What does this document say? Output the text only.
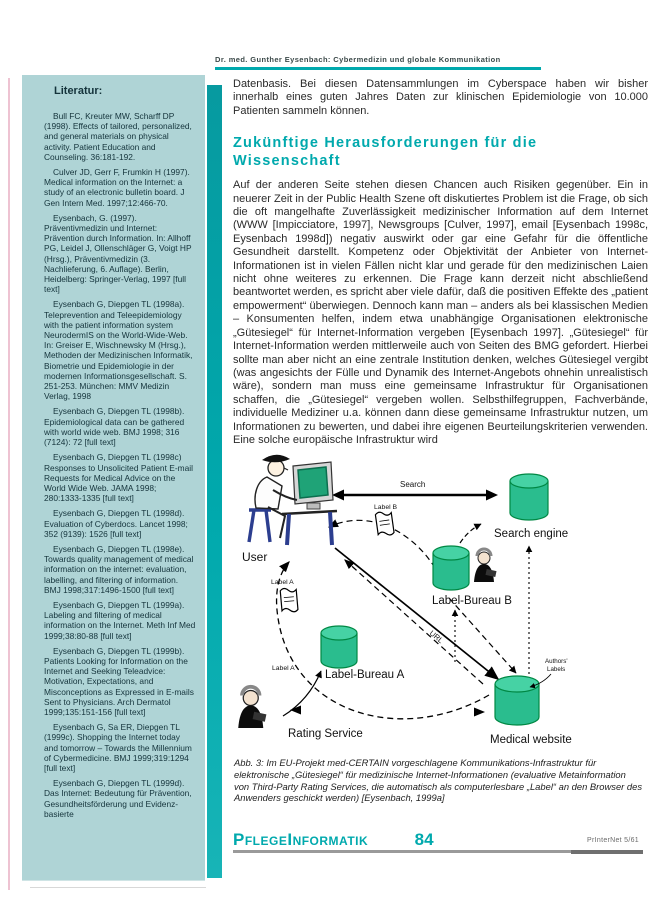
Dr. med. Gunther Eysenbach: Cybermedizin und globale Kommunikation

Literatur:

Bull FC, Kreuter MW, Scharff DP (1998). Effects of tailored, personalized, and general materials on physical activity. Patient Education and Counseling. 36:181-192.

Culver JD, Gerr F, Frumkin H (1997). Medical information on the Internet: a study of an electronic bulletin board. J Gen Intern Med. 1997;12:466-70.

Eysenbach, G. (1997). Präventivmedizin und Internet: Prävention durch Information. In: Allhoff PG, Leidel J, Ollenschläger G, Voigt HP (Hrsg.), Präventivmedizin (3. Nachlieferung, 6. Auflage). Berlin, Heidelberg: Springer-Verlag, 1997 [full text]

Eysenbach G, Diepgen TL (1998a). Teleprevention and Teleepidemiology with the patient information system NeurodermIS on the World-Wide-Web. In: Greiser E, Wischnewsky M (Hrsg.), Methoden der Medizinischen Informatik, Biometrie und Epidemiologie in der modernen Informationsgesellschaft. S. 251-253. München: MMV Medizin Verlag, 1998

Eysenbach G, Diepgen TL (1998b). Epidemiological data can be gathered with world wide web. BMJ 1998; 316 (7124): 72 [full text]

Eysenbach G, Diepgen TL (1998c) Responses to Unsolicited Patient E-mail Requests for Medical Advice on the World Wide Web. JAMA 1998; 280:1333-1335 [full text]

Eysenbach G, Diepgen TL (1998d). Evaluation of Cyberdocs. Lancet 1998; 352 (9139): 1526 [full text]

Eysenbach G, Diepgen TL (1998e). Towards quality management of medical information on the internet: evaluation, labelling, and filtering of information. BMJ 1998;317:1496-1500 [full text]

Eysenbach G, Diepgen TL (1999a). Labeling and filtering of medical information on the Internet. Meth Inf Med 1999;38:80-88 [full text]

Eysenbach G, Diepgen TL (1999b). Patients Looking for Information on the Internet and Seeking Teleadvice: Motivation, Expectations, and Misconceptions as Expressed in E-mails Sent to Physicians. Arch Dermatol 1999;135:151-156 [full text]

Eysenbach G, Sa ER, Diepgen TL (1999c). Shopping the Internet today and tomorrow – Towards the Millennium of Cybermedicine. BMJ 1999;319:1294 [full text]

Eysenbach G, Diepgen TL (1999d). Das Internet: Bedeutung für Prävention, Gesundheitsförderung und Evidenz-basierte

Datenbasis. Bei diesen Datensammlungen im Cyberspace haben wir bisher innerhalb eines guten Jahres Daten zur klinischen Epidemiologie von 10.000 Patienten sammeln können.

Zukünftige Herausforderungen für die Wissenschaft

Auf der anderen Seite stehen diesen Chancen auch Risiken gegenüber. Ein in neuerer Zeit in der Public Health Szene oft diskutiertes Problem ist die Frage, ob sich die oft mangelhafte Zuverlässigkeit medizinischer Information auf dem Internet (WWW [Impicciatore, 1997], Newsgroups [Culver, 1997], email [Eysenbach 1998c, Eysenbach 1998d]) negativ auswirkt oder gar eine Gefahr für die öffentliche Gesundheit darstellt. Kompetenz oder Objektivität der Anbieter von Internet-Informationen ist in vielen Fällen nicht klar und gerade für den medizinischen Laien nicht ohne weiteres zu erkennen. Die Frage kann derzeit nicht abschließend beantwortet werden, es spricht aber viele dafür, daß die positiven Effekte des „patient empowerment“ überwiegen. Dennoch kann man – anders als bei klassischen Medien – Konsumenten helfen, indem etwa unabhängige Organisationen elektronische „Gütesiegel“ für Internet-Information vergeben [Eysenbach 1997]. „Gütesiegel“ für Internet-Information werden mittlerweile auch von Seiten des BMG gefordert. Hierbei sollte man aber nicht an eine zentrale Institution denken, welches Gütesiegel vergibt (was angesichts der Fülle und Dynamik des Internet-Angebots ohnehin unrealistisch wäre), sondern man muss eine gemeinsame Infrastruktur für Organisationen schaffen, die „Gütesiegel“ vergeben wollen. Selbsthilfegruppen, Fachverbände, individuelle Mediziner u.a. können dann diese gemeinsame Infrastruktur nutzen, um Informationen zu bewerten, und dabei ihre eigenen Beurteilungskriterien verwenden. Eine solche europäische Infrastruktur wird

URL
Search
User
Search engine
Label B
Label-Bureau B
Label A
Label A
Label-Bureau A
Rating Service	Medical website
Authors'
Labels

Abb. 3: Im EU-Projekt med-CERTAIN vorgeschlagene Kommunikations-Infrastruktur für elektronische „Gütesiegel“ für medizinische Internet-Informationen (evaluative Metainformation von Third-Party Rating Services, die automatisch als computerlesbare „Label“ an den Browser des Anwenders geschickt werden) [Eysenbach, 1999a]

PflegeInformatik	84	PrInterNet 5/61
